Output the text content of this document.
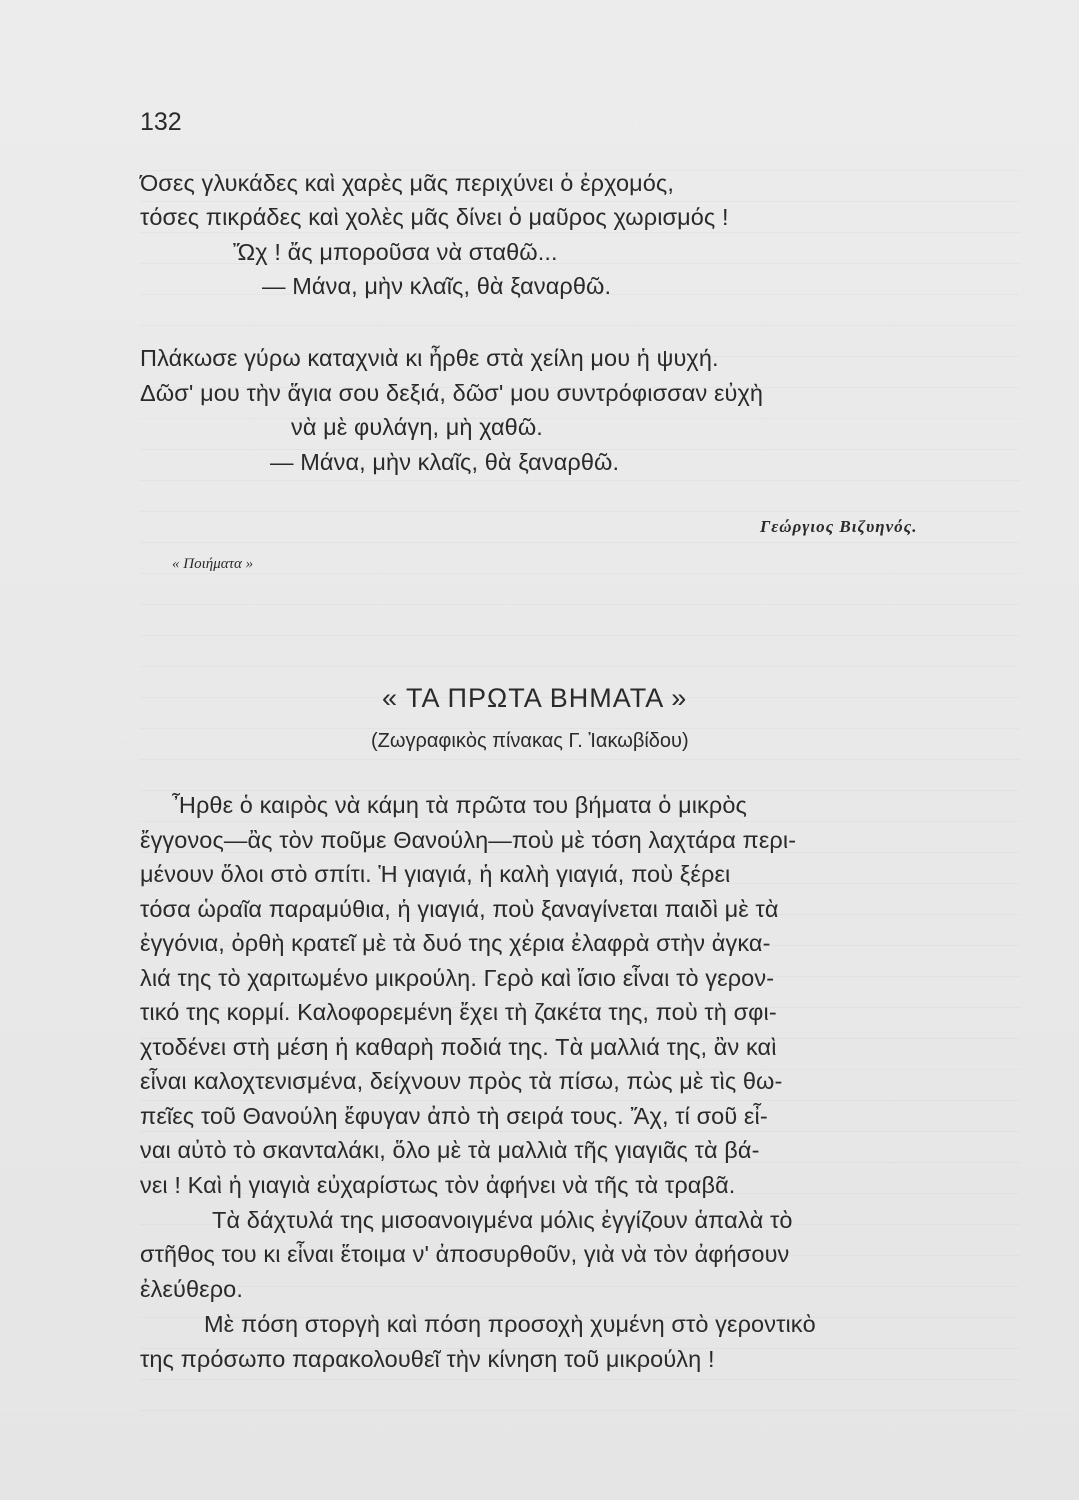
132
Όσες γλυκάδες καὶ χαρὲς μᾶς περιχύνει ὁ ἐρχομός,
τόσες πικράδες καὶ χολὲς μᾶς δίνει ὁ μαῦρος χωρισμός !
Ὤχ ! ἄς μποροῦσα νὰ σταθῶ...
— Μάνα, μὴν κλαῖς, θὰ ξαναρθῶ.
Πλάκωσε γύρω καταχνιὰ κι ἦρθε στὰ χείλη μου ἡ ψυχή.
Δῶσ' μου τὴν ἅγια σου δεξιά, δῶσ' μου συντρόφισσαν εὐχὴ
νὰ μὲ φυλάγη, μὴ χαθῶ.
— Μάνα, μὴν κλαῖς, θὰ ξαναρθῶ.
Γεώργιος Βιζυηνός.
« Ποιήματα »
« ΤΑ ΠΡΩΤΑ ΒΗΜΑΤΑ »
(Ζωγραφικὸς πίνακας Γ. Ἰακωβίδου)
Ἦρθε ὁ καιρὸς νὰ κάμη τὰ πρῶτα του βήματα ὁ μικρὸς
ἔγγονος—ἂς τὸν ποῦμε Θανούλη—ποὺ μὲ τόση λαχτάρα περι-
μένουν ὅλοι στὸ σπίτι. Ἡ γιαγιά, ἡ καλὴ γιαγιά, ποὺ ξέρει
τόσα ὡραῖα παραμύθια, ἡ γιαγιά, ποὺ ξαναγίνεται παιδὶ μὲ τὰ
ἐγγόνια, ὀρθὴ κρατεῖ μὲ τὰ δυό της χέρια ἐλαφρὰ στὴν ἀγκα-
λιά της τὸ χαριτωμένο μικρούλη. Γερὸ καὶ ἴσιο εἶναι τὸ γερον-
τικό της κορμί. Καλοφορεμένη ἔχει τὴ ζακέτα της, ποὺ τὴ σφι-
χτοδένει στὴ μέση ἡ καθαρὴ ποδιά της. Τὰ μαλλιά της, ἂν καὶ
εἶναι καλοχτενισμένα, δείχνουν πρὸς τὰ πίσω, πὼς μὲ τὶς θω-
πεῖες τοῦ Θανούλη ἔφυγαν ἀπὸ τὴ σειρά τους. Ἄχ, τί σοῦ εἶ-
ναι αὐτὸ τὸ σκανταλάκι, ὅλο μὲ τὰ μαλλιὰ τῆς γιαγιᾶς τὰ βά-
νει ! Καὶ ἡ γιαγιὰ εὐχαρίστως τὸν ἀφήνει νὰ τῆς τὰ τραβᾶ.
Τὰ δάχτυλά της μισοανοιγμένα μόλις ἐγγίζουν ἁπαλὰ τὸ
στῆθος του κι εἶναι ἕτοιμα ν' ἀποσυρθοῦν, γιὰ νὰ τὸν ἀφήσουν
ἐλεύθερο.
Μὲ πόση στοργὴ καὶ πόση προσοχὴ χυμένη στὸ γεροντικὸ
της πρόσωπο παρακολουθεῖ τὴν κίνηση τοῦ μικρούλη !
